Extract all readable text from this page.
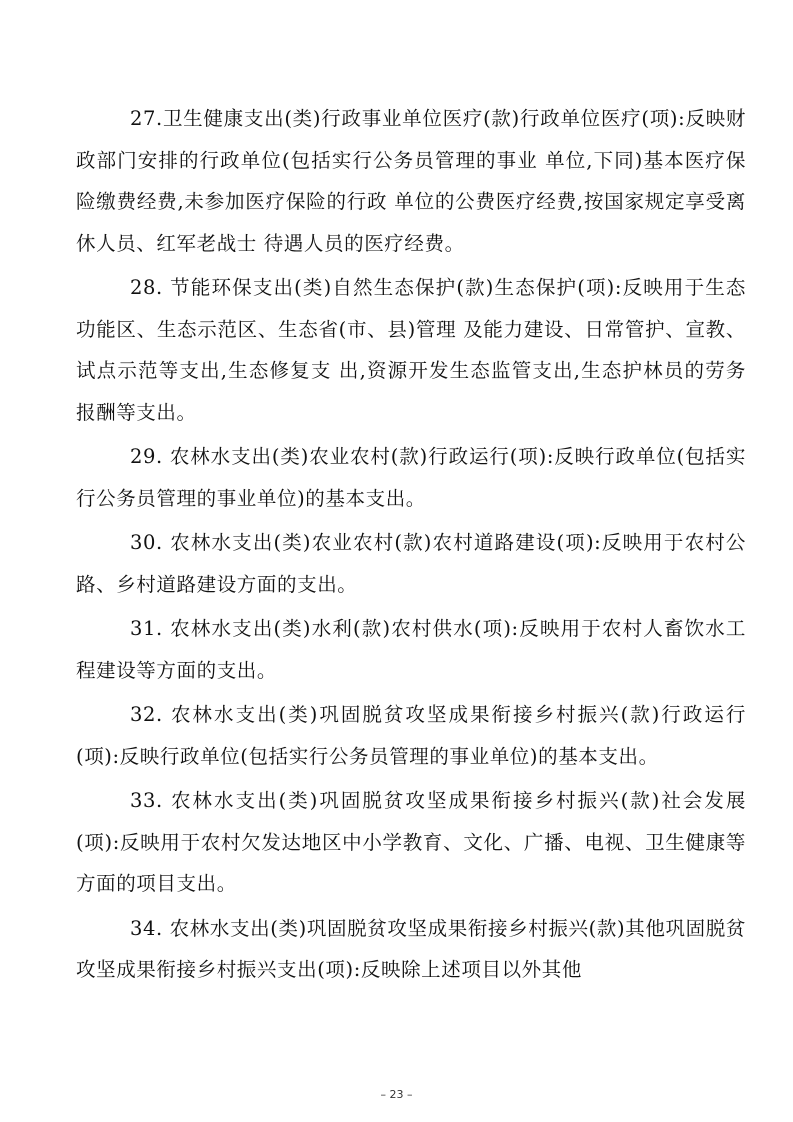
27.卫生健康支出(类)行政事业单位医疗(款)行政单位医疗(项):反映财政部门安排的行政单位(包括实行公务员管理的事业 单位,下同)基本医疗保险缴费经费,未参加医疗保险的行政 单位的公费医疗经费,按国家规定享受离休人员、红军老战士 待遇人员的医疗经费。

28. 节能环保支出(类)自然生态保护(款)生态保护(项):反映用于生态功能区、生态示范区、生态省(市、县)管理 及能力建设、日常管护、宣教、试点示范等支出,生态修复支 出,资源开发生态监管支出,生态护林员的劳务报酬等支出。

29. 农林水支出(类)农业农村(款)行政运行(项):反映行政单位(包括实行公务员管理的事业单位)的基本支出。

30. 农林水支出(类)农业农村(款)农村道路建设(项):反映用于农村公路、乡村道路建设方面的支出。

31. 农林水支出(类)水利(款)农村供水(项):反映用于农村人畜饮水工程建设等方面的支出。

32. 农林水支出(类)巩固脱贫攻坚成果衔接乡村振兴(款)行政运行(项):反映行政单位(包括实行公务员管理的事业单位)的基本支出。

33. 农林水支出(类)巩固脱贫攻坚成果衔接乡村振兴(款)社会发展(项):反映用于农村欠发达地区中小学教育、文化、广播、电视、卫生健康等方面的项目支出。

34. 农林水支出(类)巩固脱贫攻坚成果衔接乡村振兴(款)其他巩固脱贫攻坚成果衔接乡村振兴支出(项):反映除上述项目以外其他

– 23 –
